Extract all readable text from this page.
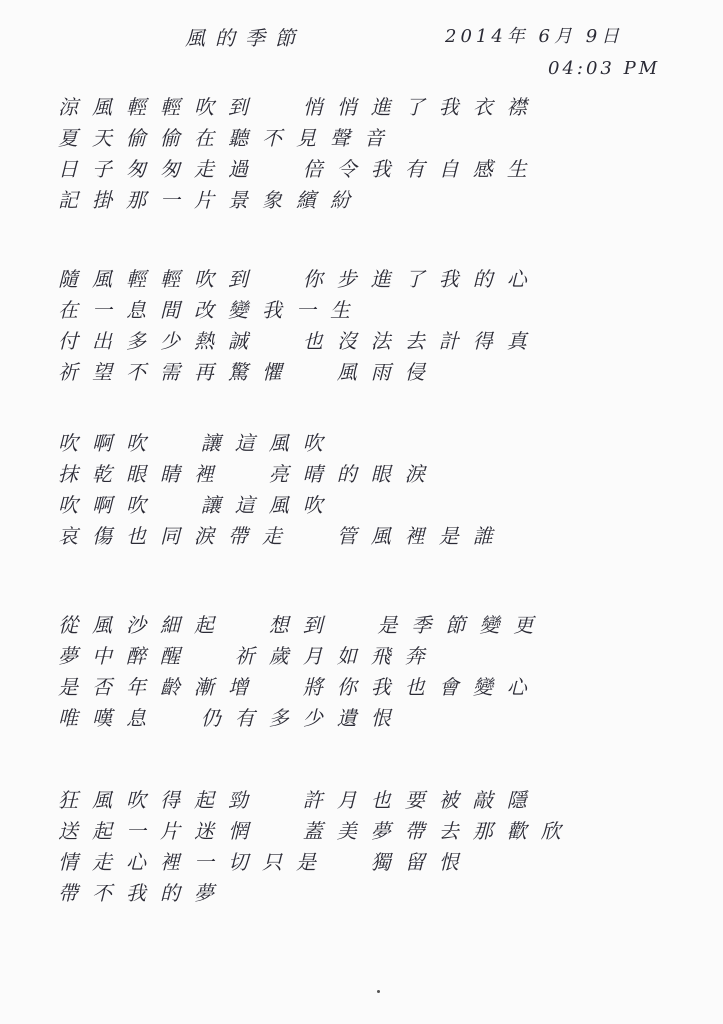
風的季節	2014年 6月 9日
04:03 PM
涼風輕輕吹到  悄悄進了我衣襟
夏天偷偷在聽不見聲音
日子匆匆走過  倍令我有自感生
記掛那一片景象繽紛
隨風輕輕吹到  你步進了我的心
在一息間改變我一生
付出多少熱誠  也沒法去計得真
祈望不需再驚懼  風雨侵
吹啊吹  讓這風吹
抹乾眼睛裡  亮晴的眼淚
吹啊吹  讓這風吹
哀傷也同淚帶走  管風裡是誰
從風沙細起  想到  是季節變更
夢中醉醒  祈歲月如飛奔
是否年齡漸增  將你我也會變心
唯嘆息  仍有多少遺恨
狂風吹得起勁  許月也要被敲隱
送起一片迷惘  蓋美夢帶去那歡欣
情走心裡一切只是  獨留恨
帶不我的夢
